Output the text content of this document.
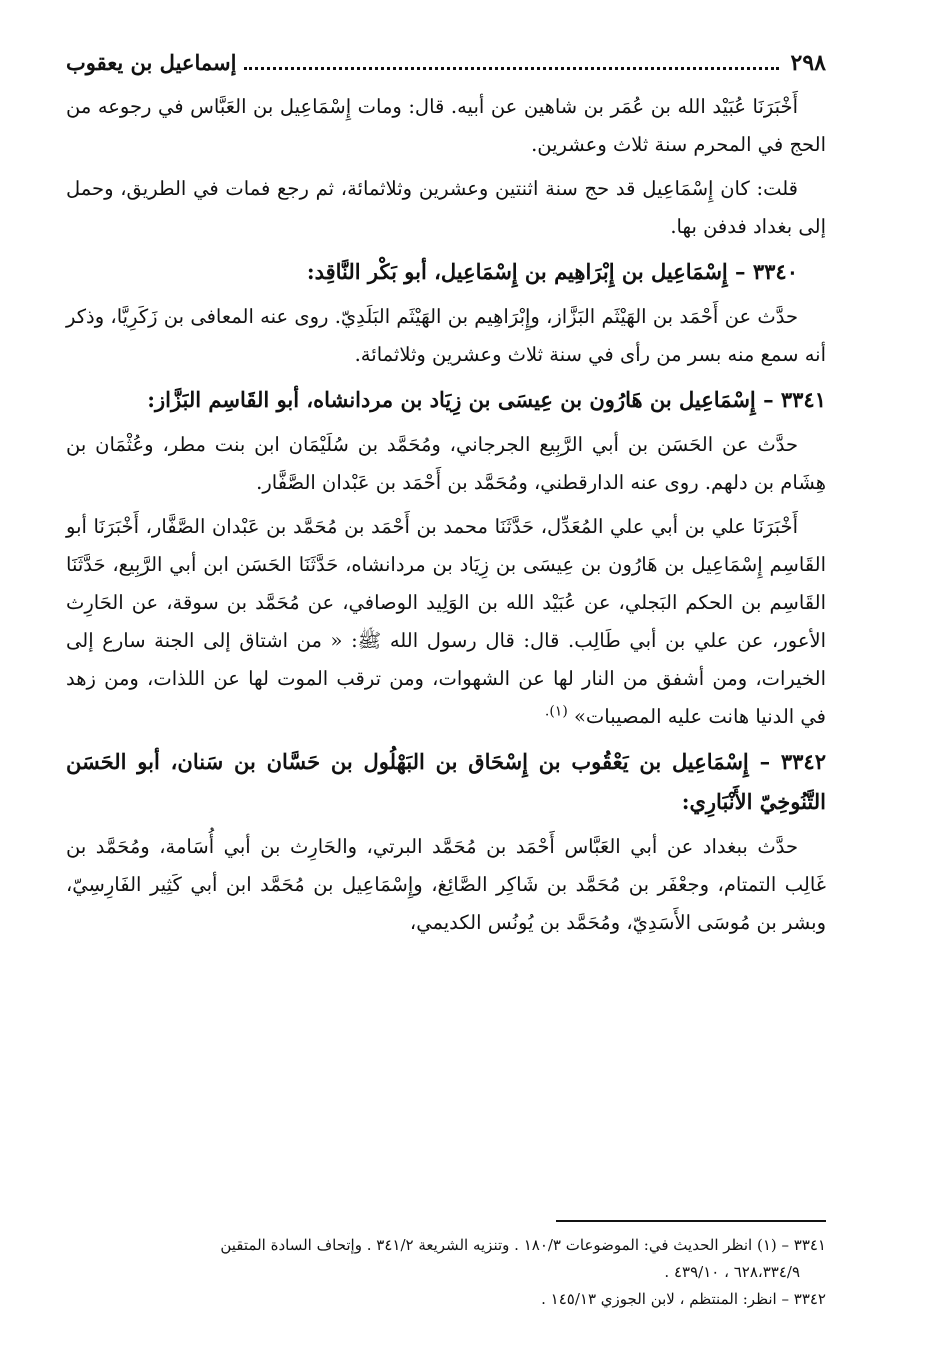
٢٩٨
إسماعيل بن يعقوب

أَخْبَرَنَا عُبَيْد الله بن عُمَر بن شاهين عن أبيه. قال: ومات إِسْمَاعِيل بن العَبَّاس في رجوعه من الحج في المحرم سنة ثلاث وعشرين.

قلت: كان إِسْمَاعِيل قد حج سنة اثنتين وعشرين وثلاثمائة، ثم رجع فمات في الطريق، وحمل إلى بغداد فدفن بها.

٣٣٤٠ – إِسْمَاعِيل بن إِبْرَاهِيم بن إِسْمَاعِيل، أبو بَكْر النَّاقِد:

حدَّث عن أَحْمَد بن الهَيْثَم البَزَّاز، وإِبْرَاهِيم بن الهَيْثَم البَلَدِيّ. روى عنه المعافى بن زَكَرِيَّا، وذكر أنه سمع منه بسر من رأى في سنة ثلاث وعشرين وثلاثمائة.

٣٣٤١ – إِسْمَاعِيل بن هَارُون بن عِيسَى بن زِيَاد بن مردانشاه، أبو القَاسِم البَزَّاز:

حدَّث عن الحَسَن بن أبي الرَّبِيع الجرجاني، ومُحَمَّد بن سُلَيْمَان ابن بنت مطر، وعُثْمَان بن هِشَام بن دلهم. روى عنه الدارقطني، ومُحَمَّد بن أَحْمَد بن عَبْدان الصَّفَّار.

أَخْبَرَنَا علي بن أبي علي المُعَدِّل، حَدَّثَنَا محمد بن أَحْمَد بن مُحَمَّد بن عَبْدان الصَّفَّار، أَخْبَرَنَا أبو القَاسِم إِسْمَاعِيل بن هَارُون بن عِيسَى بن زِيَاد بن مردانشاه، حَدَّثَنَا الحَسَن ابن أبي الرَّبِيع، حَدَّثَنَا القَاسِم بن الحكم البَجلي، عن عُبَيْد الله بن الوَلِيد الوصافي، عن مُحَمَّد بن سوقة، عن الحَارِث الأعور، عن علي بن أبي طَالِب. قال: قال رسول الله ﷺ: « من اشتاق إلى الجنة سارع إلى الخيرات، ومن أشفق من النار لها عن الشهوات، ومن ترقب الموت لها عن اللذات، ومن زهد في الدنيا هانت عليه المصيبات» $^{(١).}$

٣٣٤٢ – إِسْمَاعِيل بن يَعْقُوب بن إِسْحَاق بن البَهْلُول بن حَسَّان بن سَنان، أبو الحَسَن التَّنُوخِيّ الأَنْبَارِي:

حدَّث ببغداد عن أبي العَبَّاس أَحْمَد بن مُحَمَّد البرتي، والحَارِث بن أبي أُسَامة، ومُحَمَّد بن غَالِب التمتام، وجعْفَر بن مُحَمَّد بن شَاكِر الصَّائِغ، وإِسْمَاعِيل بن مُحَمَّد ابن أبي كَثِير الفَارِسِيّ، وبشر بن مُوسَى الأَسَدِيّ، ومُحَمَّد بن يُونُس الكديمي،

٣٣٤١ – (١) انظر الحديث في: الموضوعات ١٨٠/٣ . وتنزيه الشريعة ٣٤١/٢ . وإتحاف السادة المتقين

٦٢٨،٣٣٤/٩ ، ٤٣٩/١٠ .

٣٣٤٢ – انظر: المنتظم ، لابن الجوزي ١٤٥/١٣ .
